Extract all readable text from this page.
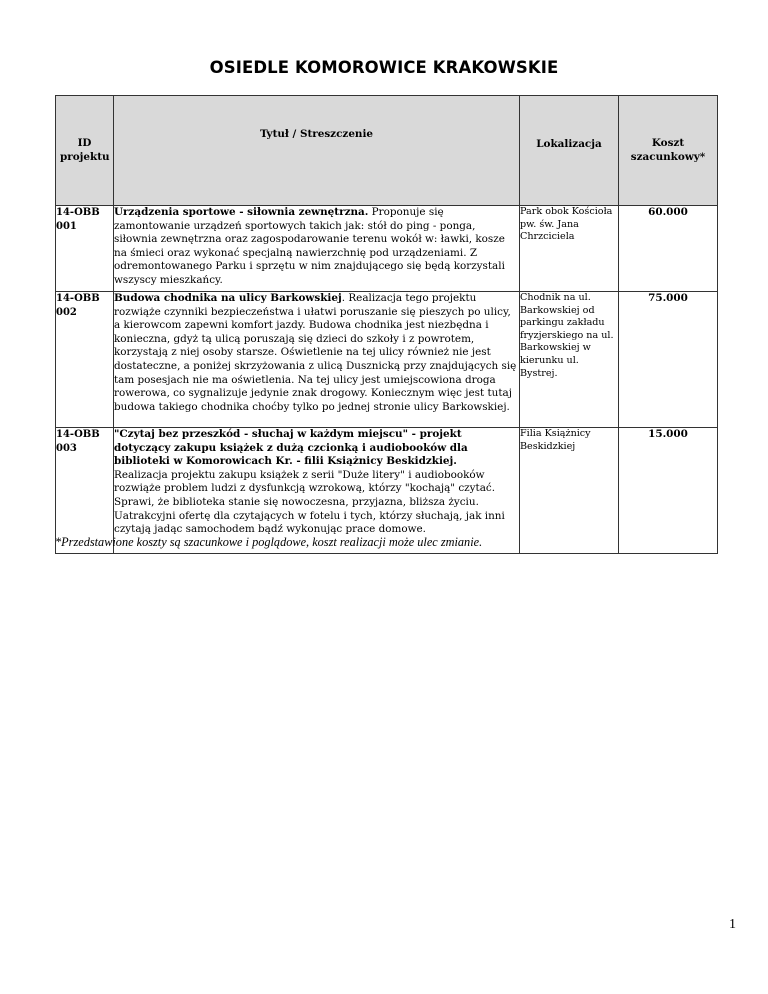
OSIEDLE KOMOROWICE KRAKOWSKIE
ID projektu	Tytuł / Streszczenie	Lokalizacja	Koszt szacunkowy*
14-OBB 001	Urządzenia sportowe - siłownia zewnętrzna. Proponuje się zamontowanie urządzeń sportowych takich jak: stół do ping - ponga, siłownia zewnętrzna oraz zagospodarowanie terenu wokół w: ławki, kosze na śmieci oraz wykonać specjalną nawierzchnię pod urządzeniami. Z odremontowanego Parku i sprzętu w nim znajdującego się będą korzystali wszyscy mieszkańcy.	Park obok Kościoła pw. św. Jana Chrzciciela	60.000
14-OBB 002	Budowa chodnika na ulicy Barkowskiej. Realizacja tego projektu rozwiąże czynniki bezpieczeństwa i ułatwi poruszanie się pieszych po ulicy, a kierowcom zapewni komfort jazdy. Budowa chodnika jest niezbędna i konieczna, gdyż tą ulicą poruszają się dzieci do szkoły i z powrotem, korzystają z niej osoby starsze. Oświetlenie na tej ulicy również nie jest dostateczne, a poniżej skrzyżowania z ulicą Dusznicką przy znajdujących się tam posesjach nie ma oświetlenia. Na tej ulicy jest umiejscowiona droga rowerowa, co sygnalizuje jedynie znak drogowy. Koniecznym więc jest tutaj budowa takiego chodnika choćby tylko po jednej stronie ulicy Barkowskiej.	Chodnik na ul. Barkowskiej od parkingu zakładu fryzjerskiego na ul. Barkowskiej w kierunku ul. Bystrej.	75.000
14-OBB 003	"Czytaj bez przeszkód - słuchaj w każdym miejscu" - projekt dotyczący zakupu książek z dużą czcionką i audiobooków dla biblioteki w Komorowicach Kr. - filii Książnicy Beskidzkiej.
Realizacja projektu zakupu książek z serii "Duże litery" i audiobooków rozwiąże problem ludzi z dysfunkcją wzrokową, którzy "kochają" czytać. Sprawi, że biblioteka stanie się nowoczesna, przyjazna, bliższa życiu. Uatrakcyjni ofertę dla czytających w fotelu i tych, którzy słuchają, jak inni czytają jadąc samochodem bądź wykonując prace domowe.	Filia Książnicy Beskidzkiej	15.000
*Przedstawione koszty są szacunkowe i poglądowe, koszt realizacji może ulec zmianie.
1
